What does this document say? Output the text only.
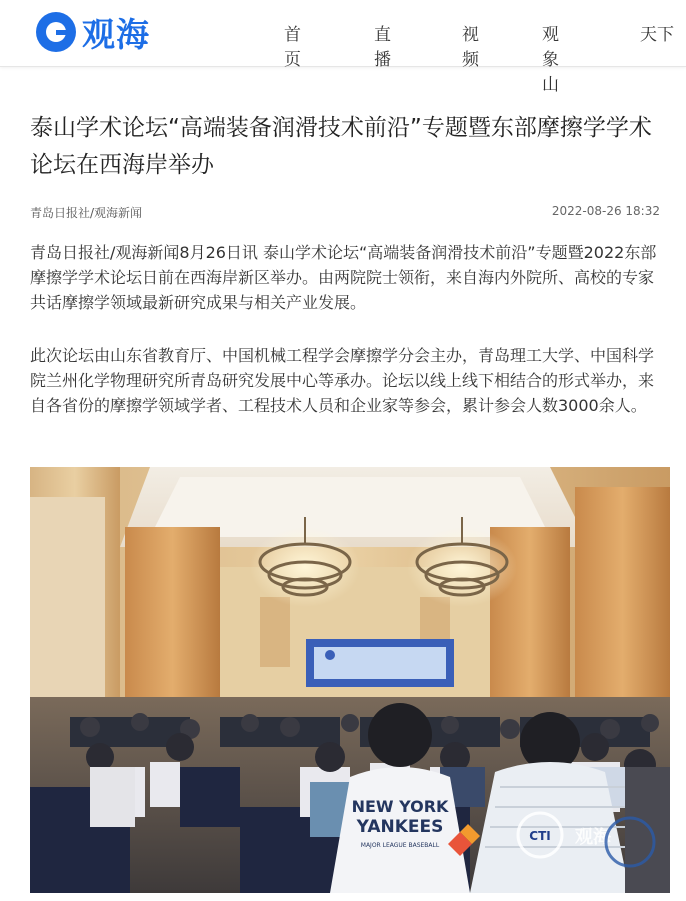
观海	首页
直播
视频
观象山
天下
泰山学术论坛“高端装备润滑技术前沿”专题暨东部摩擦学学术论坛在西海岸举办
青岛日报社/观海新闻	2022-08-26 18:32

青岛日报社/观海新闻8月26日讯 泰山学术论坛“高端装备润滑技术前沿”专题暨2022东部摩擦学学术论坛日前在西海岸新区举办。由两院院士领衔，来自海内外院所、高校的专家共话摩擦学领域最新研究成果与相关产业发展。

此次论坛由山东省教育厅、中国机械工程学会摩擦学分会主办，青岛理工大学、中国科学院兰州化学物理研究所青岛研究发展中心等承办。论坛以线上线下相结合的形式举办，来自各省份的摩擦学领域学者、工程技术人员和企业家等参会，累计参会人数3000余人。

NEW YORK
YANKEES
MAJOR LEAGUE BASEBALL
CTI 观海
